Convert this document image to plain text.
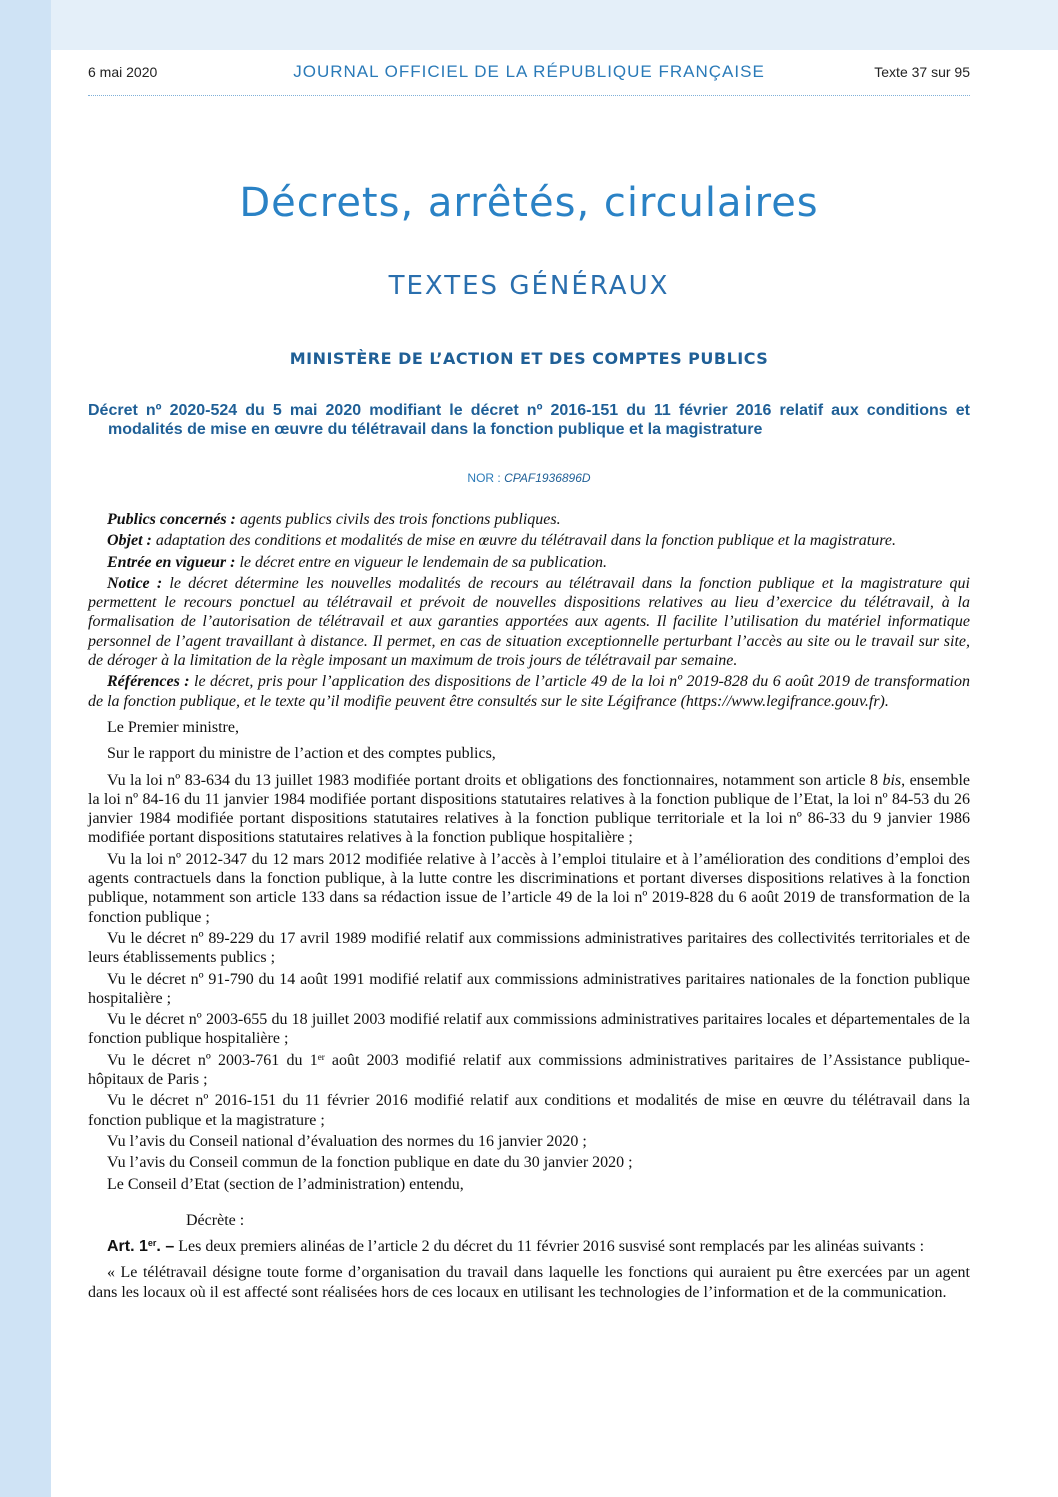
6 mai 2020	JOURNAL OFFICIEL DE LA RÉPUBLIQUE FRANÇAISE	Texte 37 sur 95
Décrets, arrêtés, circulaires
TEXTES GÉNÉRAUX
MINISTÈRE DE L’ACTION ET DES COMPTES PUBLICS
Décret nº 2020-524 du 5 mai 2020 modifiant le décret nº 2016-151 du 11 février 2016 relatif aux conditions et modalités de mise en œuvre du télétravail dans la fonction publique et la magistrature
NOR : CPAF1936896D

Publics concernés : agents publics civils des trois fonctions publiques.

Objet : adaptation des conditions et modalités de mise en œuvre du télétravail dans la fonction publique et la magistrature.

Entrée en vigueur : le décret entre en vigueur le lendemain de sa publication.

Notice : le décret détermine les nouvelles modalités de recours au télétravail dans la fonction publique et la magistrature qui permettent le recours ponctuel au télétravail et prévoit de nouvelles dispositions relatives au lieu d’exercice du télétravail, à la formalisation de l’autorisation de télétravail et aux garanties apportées aux agents. Il facilite l’utilisation du matériel informatique personnel de l’agent travaillant à distance. Il permet, en cas de situation exceptionnelle perturbant l’accès au site ou le travail sur site, de déroger à la limitation de la règle imposant un maximum de trois jours de télétravail par semaine.

Références : le décret, pris pour l’application des dispositions de l’article 49 de la loi nº 2019-828 du 6 août 2019 de transformation de la fonction publique, et le texte qu’il modifie peuvent être consultés sur le site Légifrance (https://www.legifrance.gouv.fr).

Le Premier ministre,

Sur le rapport du ministre de l’action et des comptes publics,

Vu la loi nº 83-634 du 13 juillet 1983 modifiée portant droits et obligations des fonctionnaires, notamment son article 8 bis, ensemble la loi nº 84-16 du 11 janvier 1984 modifiée portant dispositions statutaires relatives à la fonction publique de l’Etat, la loi nº 84-53 du 26 janvier 1984 modifiée portant dispositions statutaires relatives à la fonction publique territoriale et la loi nº 86-33 du 9 janvier 1986 modifiée portant dispositions statutaires relatives à la fonction publique hospitalière ;

Vu la loi nº 2012-347 du 12 mars 2012 modifiée relative à l’accès à l’emploi titulaire et à l’amélioration des conditions d’emploi des agents contractuels dans la fonction publique, à la lutte contre les discriminations et portant diverses dispositions relatives à la fonction publique, notamment son article 133 dans sa rédaction issue de l’article 49 de la loi nº 2019-828 du 6 août 2019 de transformation de la fonction publique ;

Vu le décret nº 89-229 du 17 avril 1989 modifié relatif aux commissions administratives paritaires des collectivités territoriales et de leurs établissements publics ;

Vu le décret nº 91-790 du 14 août 1991 modifié relatif aux commissions administratives paritaires nationales de la fonction publique hospitalière ;

Vu le décret nº 2003-655 du 18 juillet 2003 modifié relatif aux commissions administratives paritaires locales et départementales de la fonction publique hospitalière ;

Vu le décret nº 2003-761 du 1er août 2003 modifié relatif aux commissions administratives paritaires de l’Assistance publique-hôpitaux de Paris ;

Vu le décret nº 2016-151 du 11 février 2016 modifié relatif aux conditions et modalités de mise en œuvre du télétravail dans la fonction publique et la magistrature ;

Vu l’avis du Conseil national d’évaluation des normes du 16 janvier 2020 ;

Vu l’avis du Conseil commun de la fonction publique en date du 30 janvier 2020 ;

Le Conseil d’Etat (section de l’administration) entendu,

Décrète :

Art. 1er. – Les deux premiers alinéas de l’article 2 du décret du 11 février 2016 susvisé sont remplacés par les alinéas suivants :

« Le télétravail désigne toute forme d’organisation du travail dans laquelle les fonctions qui auraient pu être exercées par un agent dans les locaux où il est affecté sont réalisées hors de ces locaux en utilisant les technologies de l’information et de la communication.
